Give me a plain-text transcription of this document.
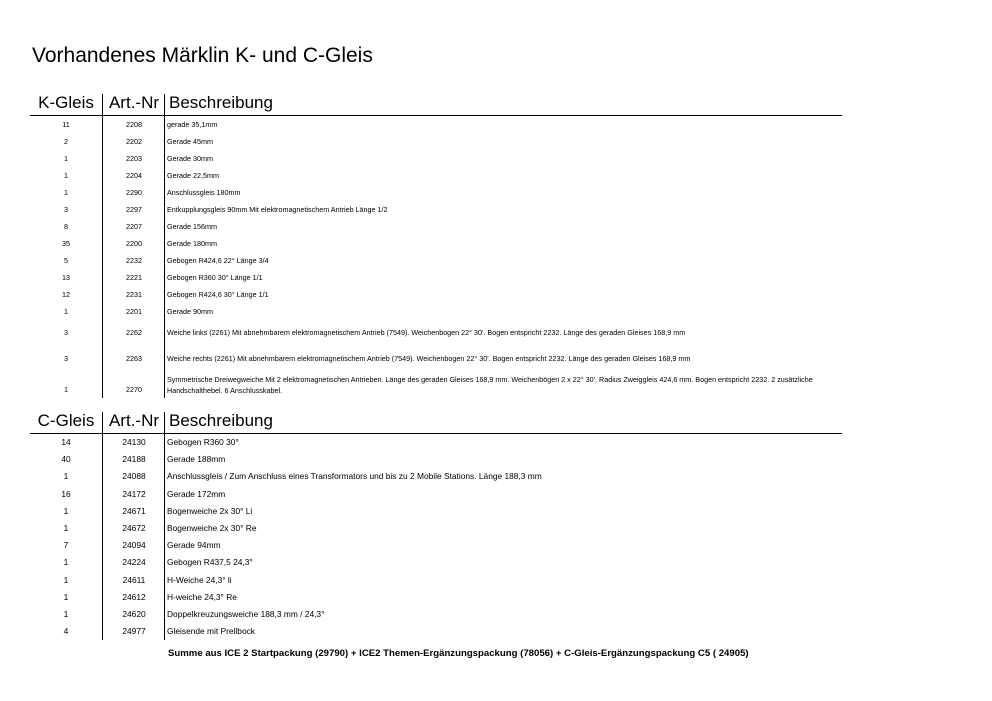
Vorhandenes Märklin K- und C-Gleis
K-Gleis Art.-Nr Beschreibung
11	2208	gerade 35,1mm
2	2202	Gerade 45mm
1	2203	Gerade 30mm
1	2204	Gerade 22,5mm
1	2290	Anschlussgleis 180mm
3	2297	Entkupplungsgleis 90mm Mit elektromagnetischem Antrieb Länge 1/2
8	2207	Gerade 156mm
35	2200	Gerade 180mm
5	2232	Gebogen R424,6 22° Länge 3/4
13	2221	Gebogen R360 30° Länge 1/1
12	2231	Gebogen R424,6 30° Länge 1/1
1	2201	Gerade 90mm
3	2262	Weiche links (2261) Mit abnehmbarem elektromagnetischem Antrieb (7549). Weichenbogen 22° 30'. Bogen entspricht 2232. Länge des geraden Gleises 168,9 mm
3	2263	Weiche rechts (2261) Mit abnehmbarem elektromagnetischem Antrieb (7549). Weichenbogen 22° 30'. Bogen entspricht 2232. Länge des geraden Gleises 168,9 mm
1	2270
Symmetrische Dreiwegweiche Mit 2 elektromagnetischen Antrieben. Länge des geraden Gleises 168,9 mm. Weichenbögen 2 x 22° 30'. Radius Zweiggleis 424,6 mm. Bogen entspricht 2232. 2 zusätzliche Handschalthebel. 6 Anschlusskabel.
C-Gleis Art.-Nr Beschreibung
14	24130	Gebogen R360 30°
40	24188	Gerade 188mm
1	24088	Anschlussgleis / Zum Anschluss eines Transformators und bis zu 2 Mobile Stations. Länge 188,3 mm
16	24172	Gerade 172mm
1	24671	Bogenweiche 2x 30° Li
1	24672	Bogenweiche 2x 30° Re
7	24094	Gerade 94mm
1	24224	Gebogen R437,5 24,3°
1	24611	H-Weiche 24,3° li
1	24612	H-weiche 24,3° Re
1	24620	Doppelkreuzungsweiche 188,3 mm / 24,3°
4	24977	Gleisende mit Prellbock
Summe aus ICE 2 Startpackung (29790) + ICE2 Themen-Ergänzungspackung (78056) + C-Gleis-Ergänzungspackung C5 ( 24905)
